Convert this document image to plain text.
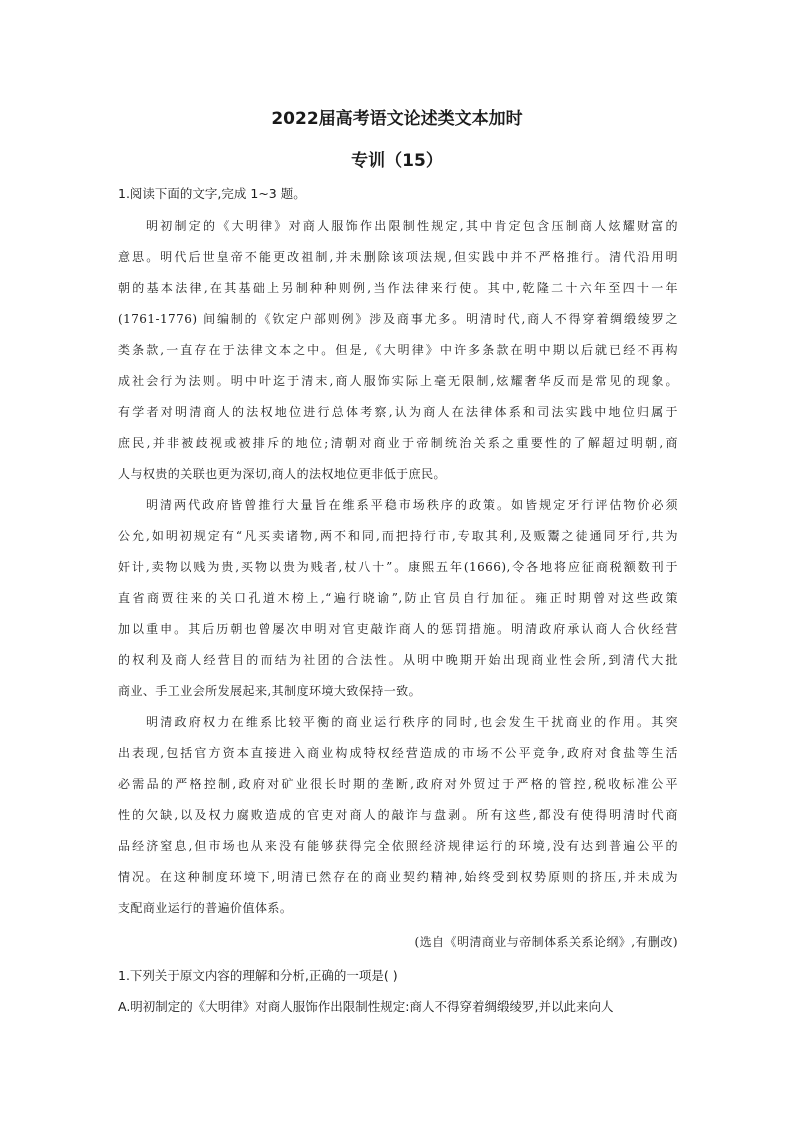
2022届高考语文论述类文本加时
专训（15）
1.阅读下面的文字,完成 1~3 题。
明初制定的《大明律》对商人服饰作出限制性规定,其中肯定包含压制商人炫耀财富的
意思。明代后世皇帝不能更改祖制,并未删除该项法规,但实践中并不严格推行。清代沿用明
朝的基本法律,在其基础上另制种种则例,当作法律来行使。其中,乾隆二十六年至四十一年
(1761-1776) 间编制的《钦定户部则例》涉及商事尤多。明清时代,商人不得穿着绸缎绫罗之
类条款,一直存在于法律文本之中。但是,《大明律》中许多条款在明中期以后就已经不再构
成社会行为法则。明中叶迄于清末,商人服饰实际上毫无限制,炫耀奢华反而是常见的现象。
有学者对明清商人的法权地位进行总体考察,认为商人在法律体系和司法实践中地位归属于
庶民,并非被歧视或被排斥的地位;清朝对商业于帝制统治关系之重要性的了解超过明朝,商
人与权贵的关联也更为深切,商人的法权地位更非低于庶民。
明清两代政府皆曾推行大量旨在维系平稳市场秩序的政策。如皆规定牙行评估物价必须
公允,如明初规定有“凡买卖诸物,两不和同,而把持行市,专取其利,及贩鬻之徒通同牙行,共为
奸计,卖物以贱为贵,买物以贵为贱者,杖八十”。康熙五年(1666),令各地将应征商税额数刊于
直省商贾往来的关口孔道木榜上,“遍行晓谕”,防止官员自行加征。雍正时期曾对这些政策
加以重申。其后历朝也曾屡次申明对官吏敲诈商人的惩罚措施。明清政府承认商人合伙经营
的权利及商人经营目的而结为社团的合法性。从明中晚期开始出现商业性会所,到清代大批
商业、手工业会所发展起来,其制度环境大致保持一致。
明清政府权力在维系比较平衡的商业运行秩序的同时,也会发生干扰商业的作用。其突
出表现,包括官方资本直接进入商业构成特权经营造成的市场不公平竞争,政府对食盐等生活
必需品的严格控制,政府对矿业很长时期的垄断,政府对外贸过于严格的管控,税收标准公平
性的欠缺,以及权力腐败造成的官吏对商人的敲诈与盘剥。所有这些,都没有使得明清时代商
品经济窒息,但市场也从来没有能够获得完全依照经济规律运行的环境,没有达到普遍公平的
情况。在这种制度环境下,明清已然存在的商业契约精神,始终受到权势原则的挤压,并未成为
支配商业运行的普遍价值体系。
(选自《明清商业与帝制体系关系论纲》,有删改)
1.下列关于原文内容的理解和分析,正确的一项是( )
A.明初制定的《大明律》对商人服饰作出限制性规定:商人不得穿着绸缎绫罗,并以此来向人
